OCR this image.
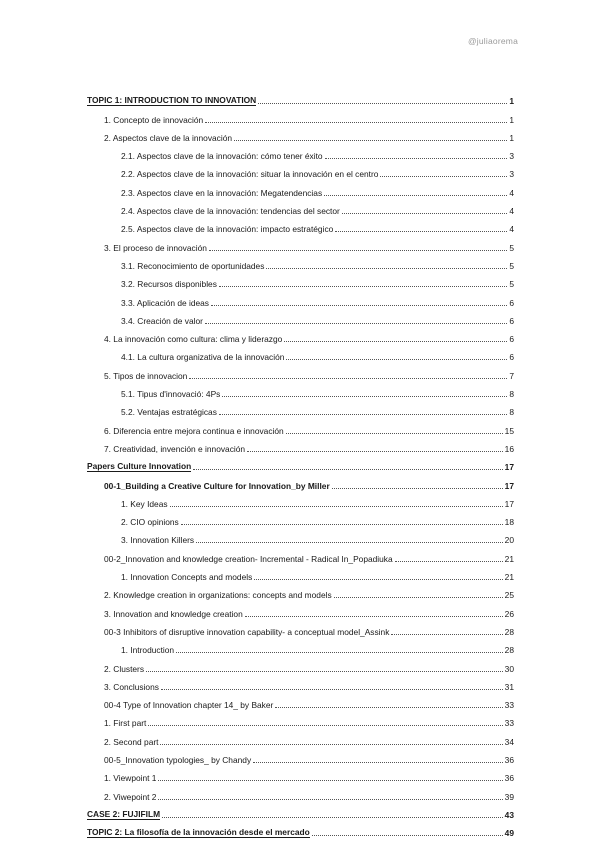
@juliaorema
TOPIC 1: INTRODUCTION TO INNOVATION	1
1. Concepto de innovación	1
2. Aspectos clave de la innovación	1
2.1. Aspectos clave de la innovación: cómo tener éxito	3
2.2. Aspectos clave de la innovación: situar la innovación en el centro	3
2.3. Aspectos clave en la innovación: Megatendencias	4
2.4. Aspectos clave de la innovación: tendencias del sector	4
2.5. Aspectos clave de la innovación: impacto estratégico	4
3. El proceso de innovación	5
3.1. Reconocimiento de oportunidades	5
3.2. Recursos disponibles	5
3.3. Aplicación de ideas	6
3.4. Creación de valor	6
4. La innovación como cultura: clima y liderazgo	6
4.1. La cultura organizativa de la innovación	6
5. Tipos de innovacion	7
5.1. Tipus d'innovació: 4Ps	8
5.2. Ventajas estratégicas	8
6. Diferencia entre mejora continua e innovación	15
7. Creatividad, invención e innovación	16
Papers Culture Innovation	17
00-1_Building a Creative Culture for Innovation_by Miller	17
1. Key Ideas	17
2. CIO opinions	18
3. Innovation Killers	20
00-2_Innovation and knowledge creation- Incremental - Radical In_Popadiuka	21
1. Innovation Concepts and models	21
2. Knowledge creation in organizations: concepts and models	25
3. Innovation and knowledge creation	26
00-3 Inhibitors of disruptive innovation capability- a conceptual model_Assink	28
1. Introduction	28
2. Clusters	30
3. Conclusions	31
00-4 Type of Innovation chapter 14_ by Baker	33
1. First part	33
2. Second part	34
00-5_Innovation typologies_ by Chandy	36
1. Viewpoint 1	36
2. Viwepoint 2	39
CASE 2: FUJIFILM	43
TOPIC 2: La filosofía de la innovación desde el mercado	49
